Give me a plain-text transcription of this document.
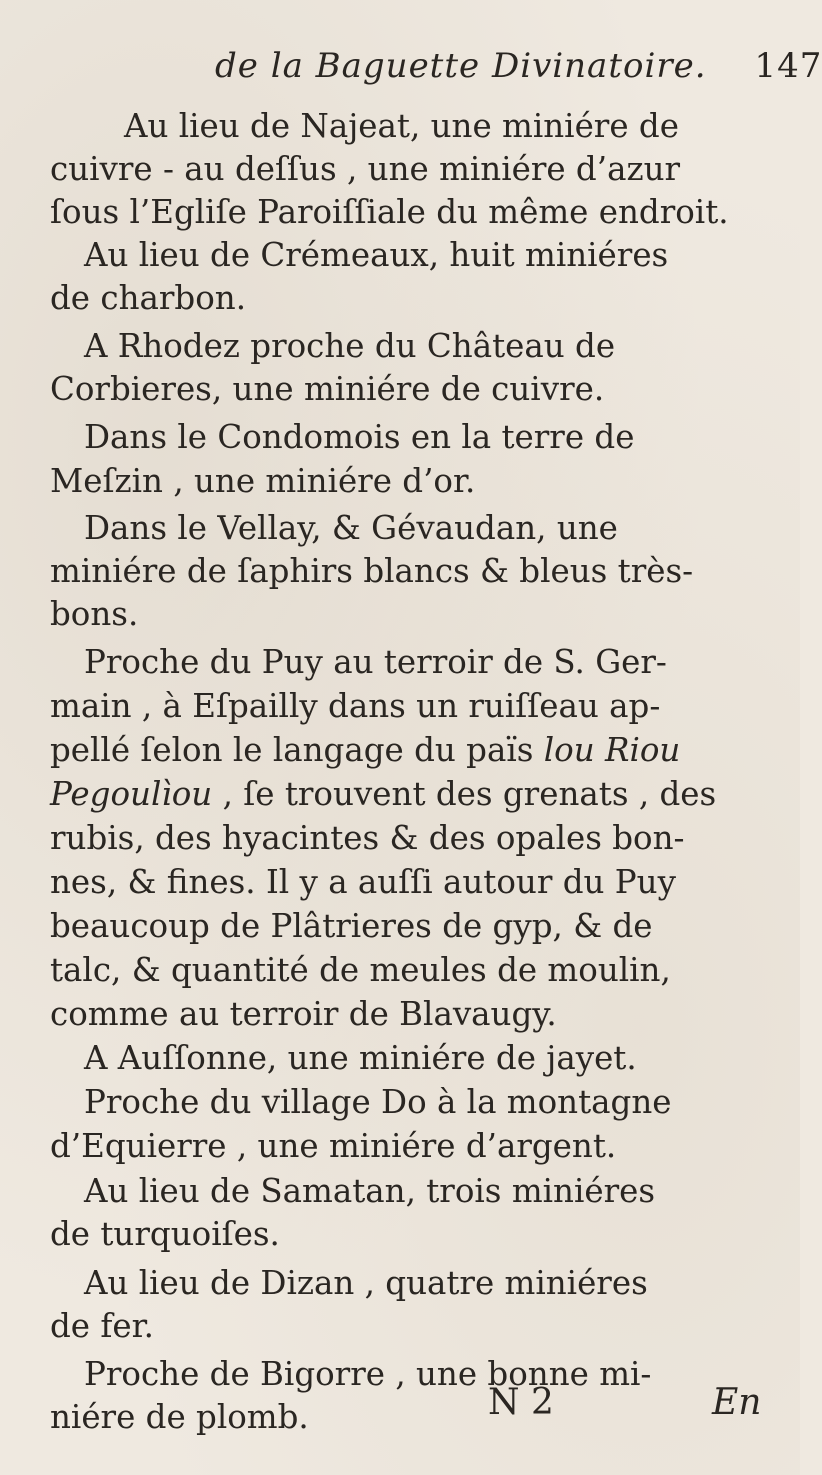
de la Baguette Divinatoire. 147
Au lieu de Najeat, une miniére de
cuivre - au deſſus , une miniére d’azur
ſous l’Egliſe Paroiſſiale du même endroit.
Au lieu de Crémeaux, huit miniéres
de charbon.
A Rhodez proche du Château de
Corbieres, une miniére de cuivre.
Dans le Condomois en la terre de
Meſzin , une miniére d’or.
Dans le Vellay, & Gévaudan, une
miniére de ſaphirs blancs & bleus très-
bons.
Proche du Puy au terroir de S. Ger-
main , à Eſpailly dans un ruiſſeau ap-
pellé ſelon le langage du païs lou Riou
Pegoulìou , ſe trouvent des grenats , des
rubis, des hyacintes & des opales bon-
nes, & fines. Il y a auſſi autour du Puy
beaucoup de Plâtrieres de gyp, & de
talc, & quantité de meules de moulin,
comme au terroir de Blavaugy.
A Auſſonne, une miniére de jayet.
Proche du village Do à la montagne
d’Equierre , une miniére d’argent.
Au lieu de Samatan, trois miniéres
de turquoiſes.
Au lieu de Dizan , quatre miniéres
de fer.
Proche de Bigorre , une bonne mi-
niére de plomb.	N 2	En
